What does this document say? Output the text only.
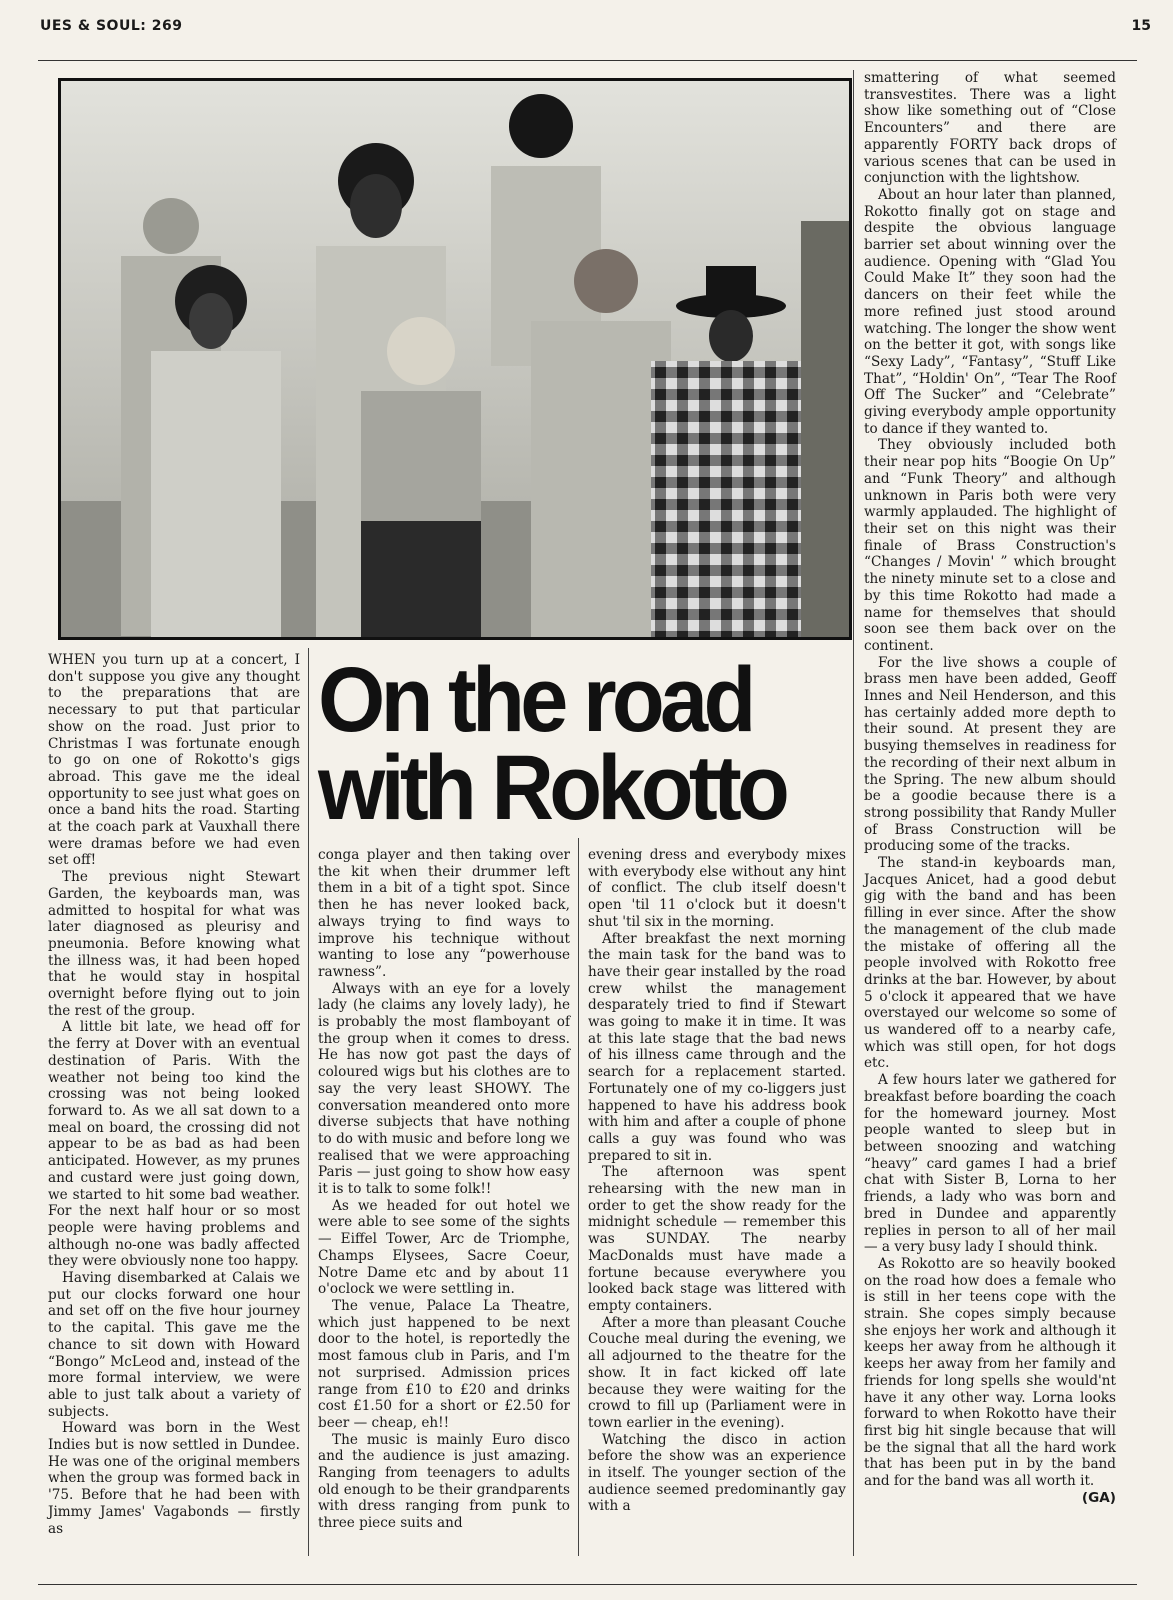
UES & SOUL: 269	15
On the road
with Rokotto

WHEN you turn up at a concert, I don't suppose you give any thought to the preparations that are necessary to put that particular show on the road. Just prior to Christmas I was fortunate enough to go on one of Rokotto's gigs abroad. This gave me the ideal opportunity to see just what goes on once a band hits the road. Starting at the coach park at Vauxhall there were dramas before we had even set off!

The previous night Stewart Garden, the keyboards man, was admitted to hospital for what was later diagnosed as pleurisy and pneumonia. Before knowing what the illness was, it had been hoped that he would stay in hospital overnight before flying out to join the rest of the group.

A little bit late, we head off for the ferry at Dover with an eventual destination of Paris. With the weather not being too kind the crossing was not being looked forward to. As we all sat down to a meal on board, the crossing did not appear to be as bad as had been anticipated. However, as my prunes and custard were just going down, we started to hit some bad weather. For the next half hour or so most people were having problems and although no-one was badly affected they were obviously none too happy.

Having disembarked at Calais we put our clocks forward one hour and set off on the five hour journey to the capital. This gave me the chance to sit down with Howard “Bongo” McLeod and, instead of the more formal interview, we were able to just talk about a variety of subjects.

Howard was born in the West Indies but is now settled in Dundee. He was one of the original members when the group was formed back in '75. Before that he had been with Jimmy James' Vagabonds — firstly as

conga player and then taking over the kit when their drummer left them in a bit of a tight spot. Since then he has never looked back, always trying to find ways to improve his technique without wanting to lose any “powerhouse rawness”.

Always with an eye for a lovely lady (he claims any lovely lady), he is probably the most flamboyant of the group when it comes to dress. He has now got past the days of coloured wigs but his clothes are to say the very least SHOWY. The conversation meandered onto more diverse subjects that have nothing to do with music and before long we realised that we were approaching Paris — just going to show how easy it is to talk to some folk!!

As we headed for out hotel we were able to see some of the sights — Eiffel Tower, Arc de Triomphe, Champs Elysees, Sacre Coeur, Notre Dame etc and by about 11 o'oclock we were settling in.

The venue, Palace La Theatre, which just happened to be next door to the hotel, is reportedly the most famous club in Paris, and I'm not surprised. Admission prices range from £10 to £20 and drinks cost £1.50 for a short or £2.50 for beer — cheap, eh!!

The music is mainly Euro disco and the audience is just amazing. Ranging from teenagers to adults old enough to be their grandparents with dress ranging from punk to three piece suits and

evening dress and everybody mixes with everybody else without any hint of conflict. The club itself doesn't open 'til 11 o'clock but it doesn't shut 'til six in the morning.

After breakfast the next morning the main task for the band was to have their gear installed by the road crew whilst the management desparately tried to find if Stewart was going to make it in time. It was at this late stage that the bad news of his illness came through and the search for a replacement started. Fortunately one of my co-liggers just happened to have his address book with him and after a couple of phone calls a guy was found who was prepared to sit in.

The afternoon was spent rehearsing with the new man in order to get the show ready for the midnight schedule — remember this was SUNDAY. The nearby MacDonalds must have made a fortune because everywhere you looked back stage was littered with empty containers.

After a more than pleasant Couche Couche meal during the evening, we all adjourned to the theatre for the show. It in fact kicked off late because they were waiting for the crowd to fill up (Parliament were in town earlier in the evening).

Watching the disco in action before the show was an experience in itself. The younger section of the audience seemed predominantly gay with a

smattering of what seemed transvestites. There was a light show like something out of “Close Encounters” and there are apparently FORTY back drops of various scenes that can be used in conjunction with the lightshow.

About an hour later than planned, Rokotto finally got on stage and despite the obvious language barrier set about winning over the audience. Opening with “Glad You Could Make It” they soon had the dancers on their feet while the more refined just stood around watching. The longer the show went on the better it got, with songs like “Sexy Lady”, “Fantasy”, “Stuff Like That”, “Holdin' On”, “Tear The Roof Off The Sucker” and “Celebrate” giving everybody ample opportunity to dance if they wanted to.

They obviously included both their near pop hits “Boogie On Up” and “Funk Theory” and although unknown in Paris both were very warmly applauded. The highlight of their set on this night was their finale of Brass Construction's “Changes / Movin' ” which brought the ninety minute set to a close and by this time Rokotto had made a name for themselves that should soon see them back over on the continent.

For the live shows a couple of brass men have been added, Geoff Innes and Neil Henderson, and this has certainly added more depth to their sound. At present they are busying themselves in readiness for the recording of their next album in the Spring. The new album should be a goodie because there is a strong possibility that Randy Muller of Brass Construction will be producing some of the tracks.

The stand-in keyboards man, Jacques Anicet, had a good debut gig with the band and has been filling in ever since. After the show the management of the club made the mistake of offering all the people involved with Rokotto free drinks at the bar. However, by about 5 o'clock it appeared that we have overstayed our welcome so some of us wandered off to a nearby cafe, which was still open, for hot dogs etc.

A few hours later we gathered for breakfast before boarding the coach for the homeward journey. Most people wanted to sleep but in between snoozing and watching “heavy” card games I had a brief chat with Sister B, Lorna to her friends, a lady who was born and bred in Dundee and apparently replies in person to all of her mail — a very busy lady I should think.

As Rokotto are so heavily booked on the road how does a female who is still in her teens cope with the strain. She copes simply because she enjoys her work and although it keeps her away from he although it keeps her away from her family and friends for long spells she would'nt have it any other way. Lorna looks forward to when Rokotto have their first big hit single because that will be the signal that all the hard work that has been put in by the band and for the band was all worth it.

(GA)
